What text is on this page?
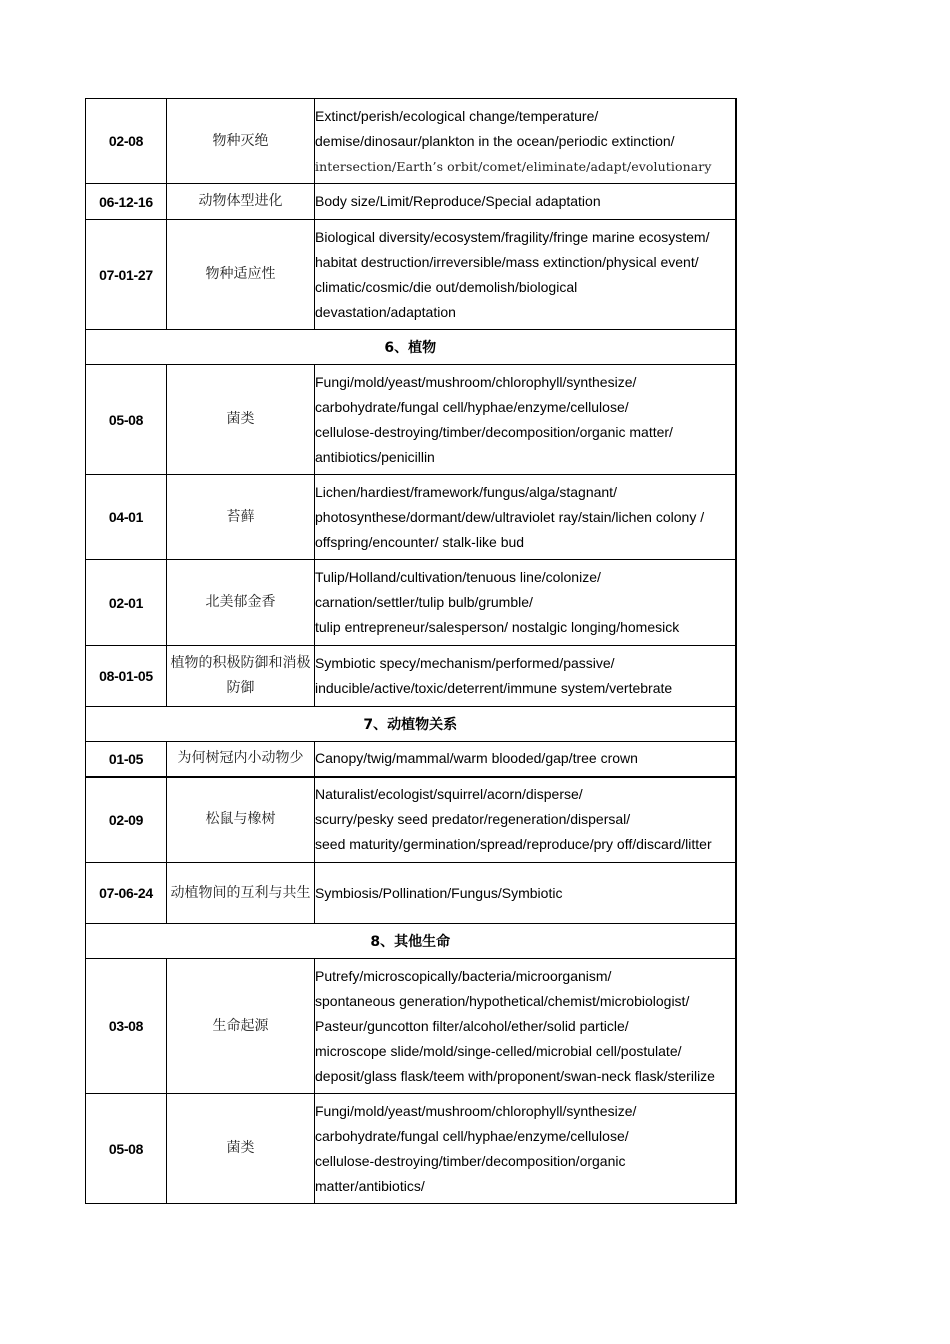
02-08	物种灭绝	Extinct/perish/ecological change/temperature/
demise/dinosaur/plankton in the ocean/periodic extinction/
intersection/Earth’s orbit/comet/eliminate/adapt/evolutionary

06-12-16	动物体型进化	Body size/Limit/Reproduce/Special adaptation

07-01-27	物种适应性	Biological diversity/ecosystem/fragility/fringe marine ecosystem/
habitat destruction/irreversible/mass extinction/physical event/
climatic/cosmic/die out/demolish/biological
devastation/adaptation

6、植物		
05-08	菌类	Fungi/mold/yeast/mushroom/chlorophyll/synthesize/
carbohydrate/fungal cell/hyphae/enzyme/cellulose/
cellulose-destroying/timber/decomposition/organic matter/
antibiotics/penicillin

04-01	苔藓	Lichen/hardiest/framework/fungus/alga/stagnant/
photosynthese/dormant/dew/ultraviolet ray/stain/lichen colony /
offspring/encounter/ stalk-like bud

02-01	北美郁金香	Tulip/Holland/cultivation/tenuous line/colonize/
carnation/settler/tulip bulb/grumble/
tulip entrepreneur/salesperson/ nostalgic longing/homesick

08-01-05	植物的积极防御和消极防御	Symbiotic specy/mechanism/performed/passive/
inducible/active/toxic/deterrent/immune system/vertebrate

7、动植物关系		
01-05	为何树冠内小动物少	Canopy/twig/mammal/warm blooded/gap/tree crown

02-09	松鼠与橡树	Naturalist/ecologist/squirrel/acorn/disperse/
scurry/pesky seed predator/regeneration/dispersal/
seed maturity/germination/spread/reproduce/pry off/discard/litter

07-06-24	动植物间的互利与共生	Symbiosis/Pollination/Fungus/Symbiotic

8、其他生命		
03-08	生命起源	Putrefy/microscopically/bacteria/microorganism/
spontaneous generation/hypothetical/chemist/microbiologist/
Pasteur/guncotton filter/alcohol/ether/solid particle/
microscope slide/mold/singe-celled/microbial cell/postulate/
deposit/glass flask/teem with/proponent/swan-neck flask/sterilize

05-08	菌类	Fungi/mold/yeast/mushroom/chlorophyll/synthesize/
carbohydrate/fungal cell/hyphae/enzyme/cellulose/
cellulose-destroying/timber/decomposition/organic
matter/antibiotics/
